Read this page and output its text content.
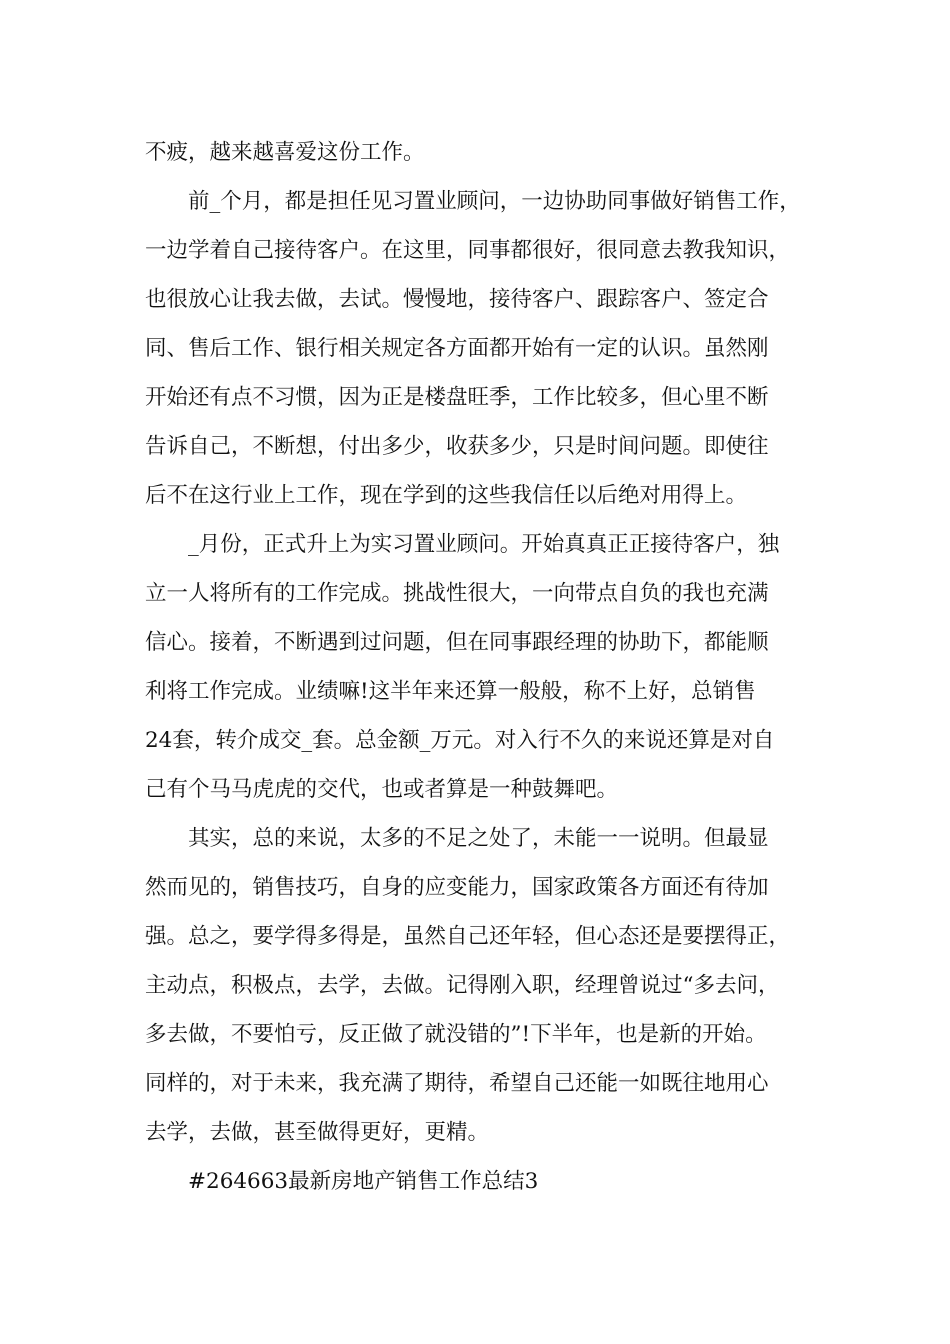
不疲，越来越喜爱这份工作。
前_个月，都是担任见习置业顾问，一边协助同事做好销售工作，
一边学着自己接待客户。在这里，同事都很好，很同意去教我知识，
也很放心让我去做，去试。慢慢地，接待客户、跟踪客户、签定合
同、售后工作、银行相关规定各方面都开始有一定的认识。虽然刚
开始还有点不习惯，因为正是楼盘旺季，工作比较多，但心里不断
告诉自己，不断想，付出多少，收获多少，只是时间问题。即使往
后不在这行业上工作，现在学到的这些我信任以后绝对用得上。
_月份，正式升上为实习置业顾问。开始真真正正接待客户，独
立一人将所有的工作完成。挑战性很大，一向带点自负的我也充满
信心。接着，不断遇到过问题，但在同事跟经理的协助下，都能顺
利将工作完成。业绩嘛!这半年来还算一般般，称不上好，总销售
24套，转介成交_套。总金额_万元。对入行不久的来说还算是对自
己有个马马虎虎的交代，也或者算是一种鼓舞吧。
其实，总的来说，太多的不足之处了，未能一一说明。但最显
然而见的，销售技巧，自身的应变能力，国家政策各方面还有待加
强。总之，要学得多得是，虽然自己还年轻，但心态还是要摆得正，
主动点，积极点，去学，去做。记得刚入职，经理曾说过“多去问，
多去做，不要怕亏，反正做了就没错的”!下半年，也是新的开始。
同样的，对于未来，我充满了期待，希望自己还能一如既往地用心
去学，去做，甚至做得更好，更精。
#264663最新房地产销售工作总结3
